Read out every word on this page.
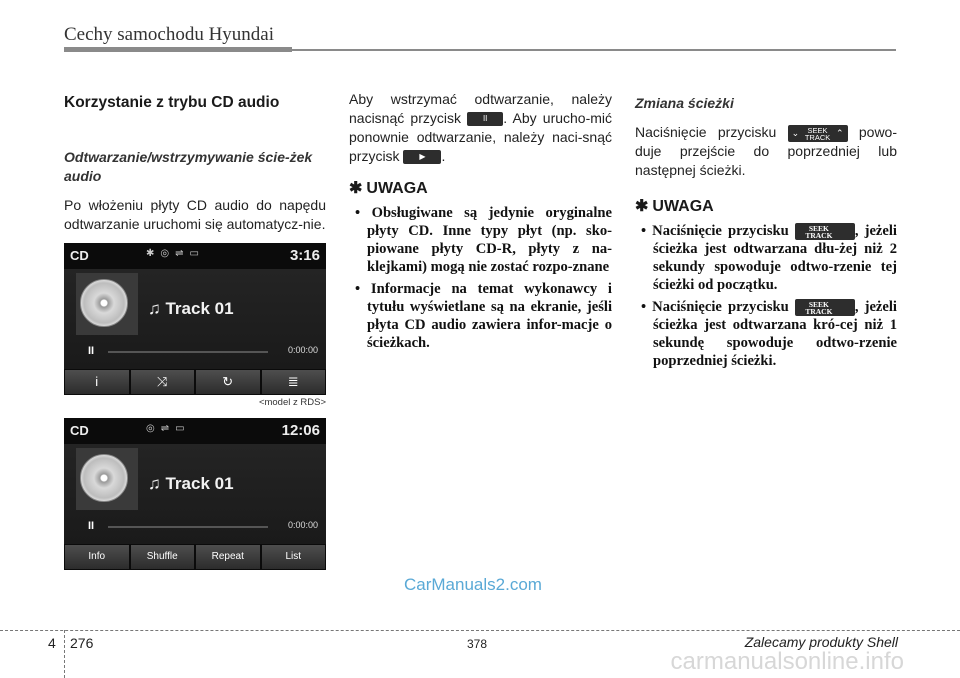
Cechy samochodu Hyundai
Korzystanie z trybu CD audio
Odtwarzanie/wstrzymywanie ście-żek audio

Po włożeniu płyty CD audio do napędu odtwarzanie uruchomi się automatycz-nie.

CD	✱◎⇌▭	3:16
♫ Track 01
II	0:00:00
i	⤨	↻	≣
<model z RDS>
CD	◎⇌▭	12:06
♫ Track 01
II	0:00:00
Info	Shuffle	Repeat	List

Aby wstrzymać odtwarzanie, należy nacisnąć przycisk	II . Aby urucho-mić ponownie odtwarzanie, należy naci-snąć przycisk ▶ .

✱ UWAGA
• Obsługiwane są jedynie oryginalne płyty CD. Inne typy płyt (np. sko-piowane płyty CD-R, płyty z na-klejkami) mogą nie zostać rozpo-znane
• Informacje na temat wykonawcy i tytułu wyświetlane są na ekranie, jeśli płyta CD audio zawiera infor-macje o ścieżkach.
Zmiana ścieżki

Naciśnięcie przycisku ⌄	SEEK
TRACK ⌃ powo-duje przejście do poprzedniej lub następnej ścieżki.

✱ UWAGA
• Naciśnięcie przycisku ⌄	SEEK
TRACK	, jeżeli ścieżka jest odtwarzana dłu-żej niż 2 sekundy spowoduje odtwo-rzenie tej ścieżki od początku.
• Naciśnięcie przycisku ⌄	SEEK
TRACK	, jeżeli ścieżka jest odtwarzana kró-cej niż 1 sekundę spowoduje odtwo-rzenie poprzedniej ścieżki.
CarManuals2.com
4 276	378	Zalecamy produkty Shell
carmanualsonline.info
